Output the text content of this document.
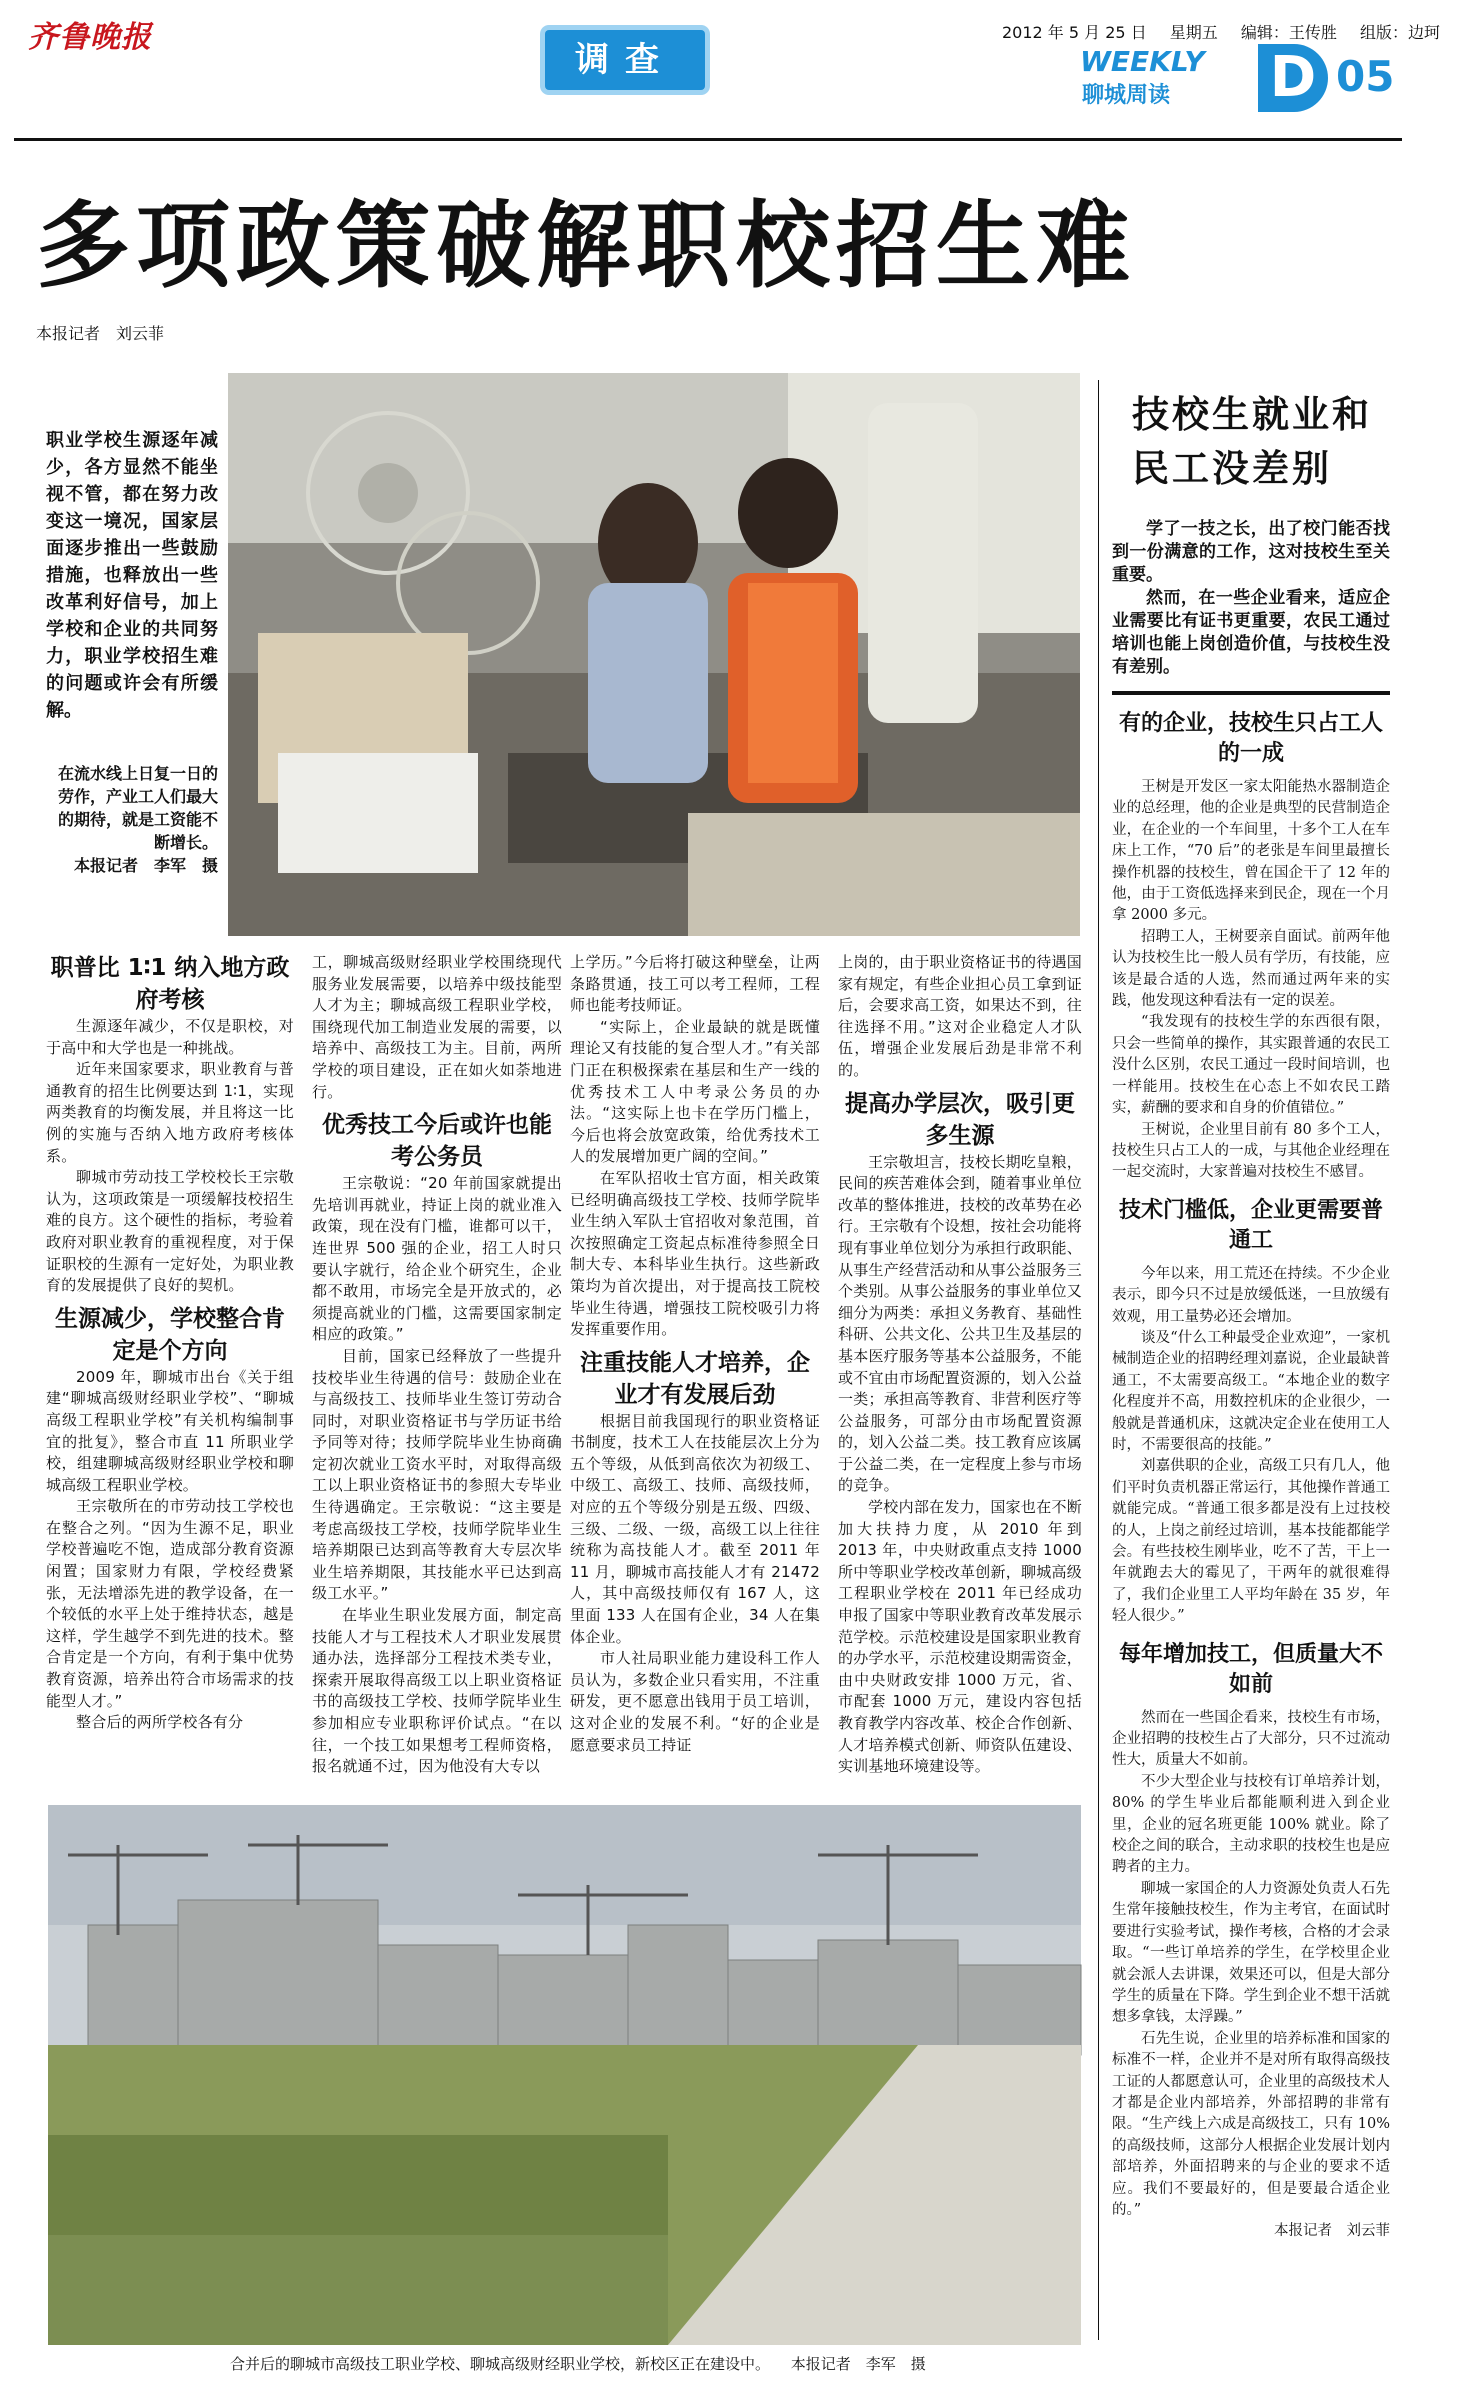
齐鲁晚报
调查
2012 年 5 月 25 日 星期五 编辑：王传胜 组版：边珂
WEEKLY
聊城周读 D 05
多项政策破解职校招生难
本报记者　刘云菲
职业学校生源逐年减少，各方显然不能坐视不管，都在努力改变这一境况，国家层面逐步推出一些鼓励措施，也释放出一些改革利好信号，加上学校和企业的共同努力，职业学校招生难的问题或许会有所缓解。
在流水线上日复一日的劳作，产业工人们最大的期待，就是工资能不断增长。
本报记者　李军　摄
职普比 1∶1 纳入地方政府考核

生源逐年减少，不仅是职校，对于高中和大学也是一种挑战。

近年来国家要求，职业教育与普通教育的招生比例要达到 1∶1，实现两类教育的均衡发展，并且将这一比例的实施与否纳入地方政府考核体系。

聊城市劳动技工学校校长王宗敬认为，这项政策是一项缓解技校招生难的良方。这个硬性的指标，考验着政府对职业教育的重视程度，对于保证职校的生源有一定好处，为职业教育的发展提供了良好的契机。

生源减少，学校整合肯定是个方向

2009 年，聊城市出台《关于组建“聊城高级财经职业学校”、“聊城高级工程职业学校”有关机构编制事宜的批复》，整合市直 11 所职业学校，组建聊城高级财经职业学校和聊城高级工程职业学校。

王宗敬所在的市劳动技工学校也在整合之列。“因为生源不足，职业学校普遍吃不饱，造成部分教育资源闲置；国家财力有限，学校经费紧张，无法增添先进的教学设备，在一个较低的水平上处于维持状态，越是这样，学生越学不到先进的技术。整合肯定是一个方向，有利于集中优势教育资源，培养出符合市场需求的技能型人才。”

整合后的两所学校各有分

工，聊城高级财经职业学校围绕现代服务业发展需要，以培养中级技能型人才为主；聊城高级工程职业学校，围绕现代加工制造业发展的需要，以培养中、高级技工为主。目前，两所学校的项目建设，正在如火如荼地进行。

优秀技工今后或许也能考公务员

王宗敬说：“20 年前国家就提出先培训再就业，持证上岗的就业准入政策，现在没有门槛，谁都可以干，连世界 500 强的企业，招工人时只要认字就行，给企业个研究生，企业都不敢用，市场完全是开放式的，必须提高就业的门槛，这需要国家制定相应的政策。”

目前，国家已经释放了一些提升技校毕业生待遇的信号：鼓励企业在与高级技工、技师毕业生签订劳动合同时，对职业资格证书与学历证书给予同等对待；技师学院毕业生协商确定初次就业工资水平时，对取得高级工以上职业资格证书的参照大专毕业生待遇确定。王宗敬说：“这主要是考虑高级技工学校，技师学院毕业生培养期限已达到高等教育大专层次毕业生培养期限，其技能水平已达到高级工水平。”

在毕业生职业发展方面，制定高技能人才与工程技术人才职业发展贯通办法，选择部分工程技术类专业，探索开展取得高级工以上职业资格证书的高级技工学校、技师学院毕业生参加相应专业职称评价试点。“在以往，一个技工如果想考工程师资格，报名就通不过，因为他没有大专以

上学历。”今后将打破这种壁垒，让两条路贯通，技工可以考工程师，工程师也能考技师证。

“实际上，企业最缺的就是既懂理论又有技能的复合型人才。”有关部门正在积极探索在基层和生产一线的优秀技术工人中考录公务员的办法。“这实际上也卡在学历门槛上，今后也将会放宽政策，给优秀技术工人的发展增加更广阔的空间。”

在军队招收士官方面，相关政策已经明确高级技工学校、技师学院毕业生纳入军队士官招收对象范围，首次按照确定工资起点标准待参照全日制大专、本科毕业生执行。这些新政策均为首次提出，对于提高技工院校毕业生待遇，增强技工院校吸引力将发挥重要作用。

注重技能人才培养，企业才有发展后劲

根据目前我国现行的职业资格证书制度，技术工人在技能层次上分为五个等级，从低到高依次为初级工、中级工、高级工、技师、高级技师，对应的五个等级分别是五级、四级、三级、二级、一级，高级工以上往往统称为高技能人才。截至 2011 年 11 月，聊城市高技能人才有 21472 人，其中高级技师仅有 167 人，这里面 133 人在国有企业，34 人在集体企业。

市人社局职业能力建设科工作人员认为，多数企业只看实用，不注重研发，更不愿意出钱用于员工培训，这对企业的发展不利。“好的企业是愿意要求员工持证

上岗的，由于职业资格证书的待遇国家有规定，有些企业担心员工拿到证后，会要求高工资，如果达不到，往往选择不用。”这对企业稳定人才队伍，增强企业发展后劲是非常不利的。

提高办学层次，吸引更多生源

王宗敬坦言，技校长期吃皇粮，民间的疾苦难体会到，随着事业单位改革的整体推进，技校的改革势在必行。王宗敬有个设想，按社会功能将现有事业单位划分为承担行政职能、从事生产经营活动和从事公益服务三个类别。从事公益服务的事业单位又细分为两类：承担义务教育、基础性科研、公共文化、公共卫生及基层的基本医疗服务等基本公益服务，不能或不宜由市场配置资源的，划入公益一类；承担高等教育、非营利医疗等公益服务，可部分由市场配置资源的，划入公益二类。技工教育应该属于公益二类，在一定程度上参与市场的竞争。

学校内部在发力，国家也在不断加大扶持力度，从 2010 年到 2013 年，中央财政重点支持 1000 所中等职业学校改革创新，聊城高级工程职业学校在 2011 年已经成功申报了国家中等职业教育改革发展示范学校。示范校建设是国家职业教育的办学水平，示范校建设期需资金，由中央财政安排 1000 万元，省、市配套 1000 万元，建设内容包括教育教学内容改革、校企合作创新、人才培养模式创新、师资队伍建设、实训基地环境建设等。

技校生就业和民工没差别

学了一技之长，出了校门能否找到一份满意的工作，这对技校生至关重要。

然而，在一些企业看来，适应企业需要比有证书更重要，农民工通过培训也能上岗创造价值，与技校生没有差别。

有的企业，技校生只占工人的一成

王树是开发区一家太阳能热水器制造企业的总经理，他的企业是典型的民营制造企业，在企业的一个车间里，十多个工人在车床上工作，“70 后”的老张是车间里最擅长操作机器的技校生，曾在国企干了 12 年的他，由于工资低选择来到民企，现在一个月拿 2000 多元。

招聘工人，王树要亲自面试。前两年他认为技校生比一般人员有学历，有技能，应该是最合适的人选，然而通过两年来的实践，他发现这种看法有一定的误差。

“我发现有的技校生学的东西很有限，只会一些简单的操作，其实跟普通的农民工没什么区别，农民工通过一段时间培训，也一样能用。技校生在心态上不如农民工踏实，薪酬的要求和自身的价值错位。”

王树说，企业里目前有 80 多个工人，技校生只占工人的一成，与其他企业经理在一起交流时，大家普遍对技校生不感冒。

技术门槛低，企业更需要普通工

今年以来，用工荒还在持续。不少企业表示，即今只不过是放缓低迷，一旦放缓有效观，用工量势必还会增加。

谈及“什么工种最受企业欢迎”，一家机械制造企业的招聘经理刘嘉说，企业最缺普通工，不太需要高级工。“本地企业的数字化程度并不高，用数控机床的企业很少，一般就是普通机床，这就决定企业在使用工人时，不需要很高的技能。”

刘嘉供职的企业，高级工只有几人，他们平时负责机器正常运行，其他操作普通工就能完成。“普通工很多都是没有上过技校的人，上岗之前经过培训，基本技能都能学会。有些技校生刚毕业，吃不了苦，干上一年就跑去大的霉见了，干两年的就很难得了，我们企业里工人平均年龄在 35 岁，年轻人很少。”

每年增加技工，但质量大不如前

然而在一些国企看来，技校生有市场，企业招聘的技校生占了大部分，只不过流动性大，质量大不如前。

不少大型企业与技校有订单培养计划，80% 的学生毕业后都能顺利进入到企业里，企业的冠名班更能 100% 就业。除了校企之间的联合，主动求职的技校生也是应聘者的主力。

聊城一家国企的人力资源处负责人石先生常年接触技校生，作为主考官，在面试时要进行实验考试，操作考核，合格的才会录取。“一些订单培养的学生，在学校里企业就会派人去讲课，效果还可以，但是大部分学生的质量在下降。学生到企业不想干活就想多拿钱，太浮躁。”

石先生说，企业里的培养标准和国家的标准不一样，企业并不是对所有取得高级技工证的人都愿意认可，企业里的高级技术人才都是企业内部培养，外部招聘的非常有限。“生产线上六成是高级技工，只有 10% 的高级技师，这部分人根据企业发展计划内部培养，外面招聘来的与企业的要求不适应。我们不要最好的，但是要最合适企业的。”

本报记者　刘云菲

合并后的聊城市高级技工职业学校、聊城高级财经职业学校，新校区正在建设中。 本报记者　李军　摄
